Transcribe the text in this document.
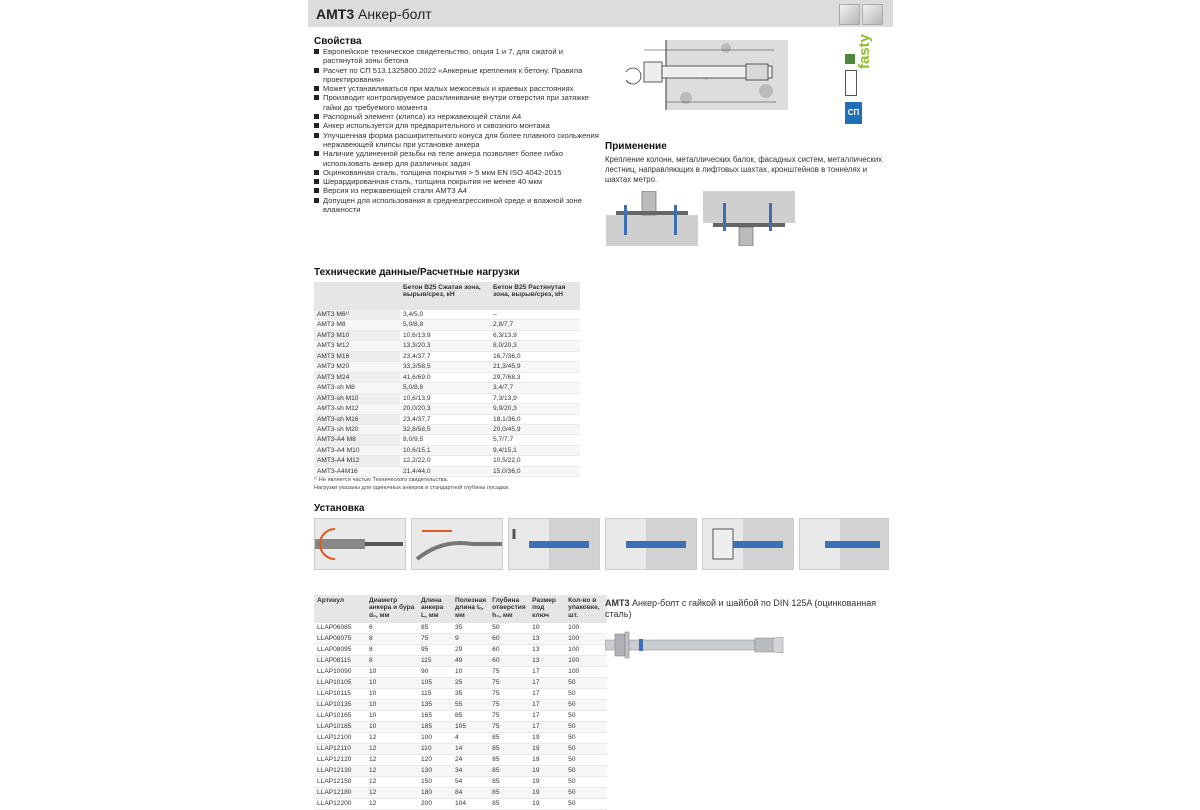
АМТ3 Анкер-болт
Свойства
Европейское техническое свидетельство, опция 1 и 7, для сжатой и растянутой зоны бетона
Расчет по СП 513.1325800.2022 «Анкерные крепления к бетону. Правила проектирования»
Может устанавливаться при малых межосевых и краевых расстояниях
Производит контролируемое расклинивание внутри отверстия при затяжке гайки до требуемого момента
Распорный элемент (клипса) из нержавеющей стали А4
Анкер используется для предварительного и сквозного монтажа
Улучшенная форма расширительного конуса для более плавного скольжения нержавеющей клипсы при установке анкера
Наличие удлиненной резьбы на теле анкера позволяет более гибко использовать анкер для различных задач
Оцинкованная сталь, толщина покрытия > 5 мкм EN ISO 4042-2015
Шерардированная сталь, толщина покрытия не менее 40 мкм
Версия из нержавеющей стали АМТ3 А4
Допущен для использования в среднеагрессивной среде и влажной зоне влажности
fasty
СП
Применение
Крепление колонн, металлических балок, фасадных систем, металлических лестниц, направляющих в лифтовых шахтах, кронштейнов в тоннелях и шахтах метро.
Технические данные/Расчетные нагрузки
	Бетон В25 Сжатая зона, вырыв/срез, кН	Бетон В25 Растянутая зона, вырыв/срез, кН
АМТ3 М6¹⁾	3,4/5,0	–
АМТ3 М8	5,0/8,8	2,8/7,7
АМТ3 М10	10,6/13,9	6,3/13,9
АМТ3 М12	13,3/20,3	8,0/20,3
АМТ3 М16	23,4/37,7	16,7/36,0
АМТ3 М20	33,3/58,5	21,3/45,9
АМТ3 М24	41,6/69,0	29,7/68,3
АМТ3-sh M8	5,0/8,8	3,4/7,7
АМТ3-sh M10	10,6/13,9	7,3/13,9
АМТ3-sh M12	20,0/20,3	9,9/20,3
АМТ3-sh M16	23,4/37,7	18,1/36,0
АМТ3-sh M20	32,8/58,5	20,0/45,9
АМТ3-А4 М8	8,0/9,5	5,7/7,7
АМТ3-А4 М10	10,6/15,1	9,4/15,1
АМТ3-А4 М12	12,2/22,0	10,5/22,0
АМТ3-А4М16	21,4/44,0	15,0/36,0
¹⁾ Не является частью Технического свидетельства.
Нагрузки указаны для одиночных анкеров и стандартной глубины посадки.
Установка
Артикул	Диаметр анкера и бура d₀, мм	Длина анкера L, мм	Полезная длина tₒ, мм	Глубина отверстия h₀, мм	Размер под ключ	Кол-во в упаковке, шт.
LLAP06085	6	85	35	50	10	100
LLAP08075	8	75	9	60	13	100
LLAP08095	8	95	29	60	13	100
LLAP08115	8	115	49	60	13	100
LLAP10090	10	90	10	75	17	100
LLAP10105	10	105	25	75	17	50
LLAP10115	10	115	35	75	17	50
LLAP10135	10	135	55	75	17	50
LLAP10165	10	165	85	75	17	50
LLAP10185	10	185	105	75	17	50
LLAP12100	12	100	4	85	19	50
LLAP12110	12	110	14	85	19	50
LLAP12120	12	120	24	85	19	50
LLAP12130	12	130	34	85	19	50
LLAP12150	12	150	54	85	19	50
LLAP12180	12	180	84	85	19	50
LLAP12200	12	200	104	85	19	50
АМТ3 Анкер-болт с гайкой и шайбой по DIN 125A (оцинкованная сталь)
